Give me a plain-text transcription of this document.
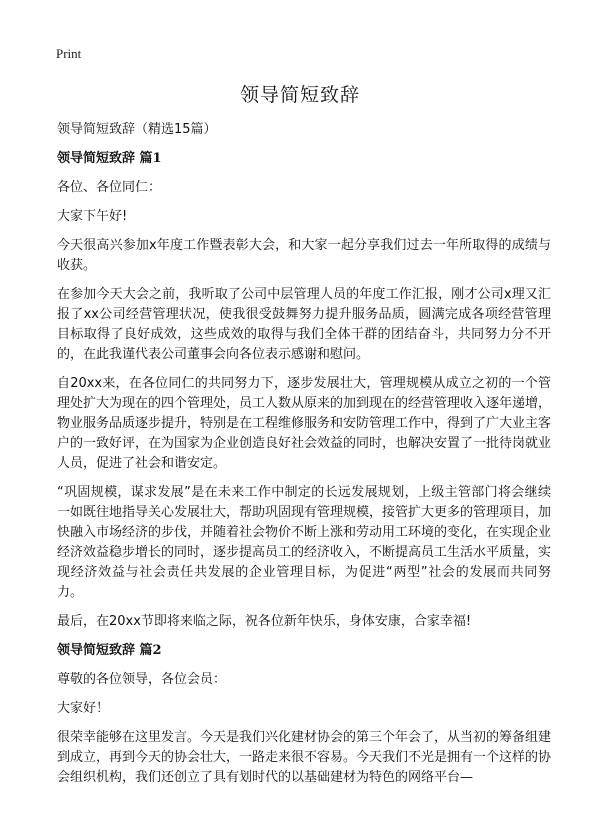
Print
领导简短致辞
领导简短致辞（精选15篇）
领导简短致辞 篇1

各位、各位同仁：

大家下午好!

今天很高兴参加x年度工作暨表彰大会，和大家一起分享我们过去一年所取得的成绩与收获。

在参加今天大会之前，我听取了公司中层管理人员的年度工作汇报，刚才公司x理又汇报了xx公司经营管理状况，使我很受鼓舞努力提升服务品质，圆满完成各项经营管理目标取得了良好成效，这些成效的取得与我们全体干群的团结奋斗，共同努力分不开的，在此我谨代表公司董事会向各位表示感谢和慰问。

自20xx来，在各位同仁的共同努力下，逐步发展壮大，管理规模从成立之初的一个管理处扩大为现在的四个管理处，员工人数从原来的加到现在的经营管理收入逐年递增，物业服务品质逐步提升，特别是在工程维修服务和安防管理工作中，得到了广大业主客户的一致好评，在为国家为企业创造良好社会效益的同时，也解决安置了一批待岗就业人员，促进了社会和谐安定。

“巩固规模，谋求发展”是在未来工作中制定的长远发展规划，上级主管部门将会继续一如既往地指导关心发展壮大，帮助巩固现有管理规模，接管扩大更多的管理项目，加快融入市场经济的步伐，并随着社会物价不断上涨和劳动用工环境的变化，在实现企业经济效益稳步增长的同时，逐步提高员工的经济收入，不断提高员工生活水平质量，实现经济效益与社会责任共发展的企业管理目标，为促进“两型”社会的发展而共同努力。

最后，在20xx节即将来临之际，祝各位新年快乐，身体安康，合家幸福!

领导简短致辞 篇2

尊敬的各位领导，各位会员：

大家好！

很荣幸能够在这里发言。今天是我们兴化建材协会的第三个年会了，从当初的筹备组建到成立，再到今天的协会壮大，一路走来很不容易。今天我们不光是拥有一个这样的协会组织机构，我们还创立了具有划时代的以基础建材为特色的网络平台—
